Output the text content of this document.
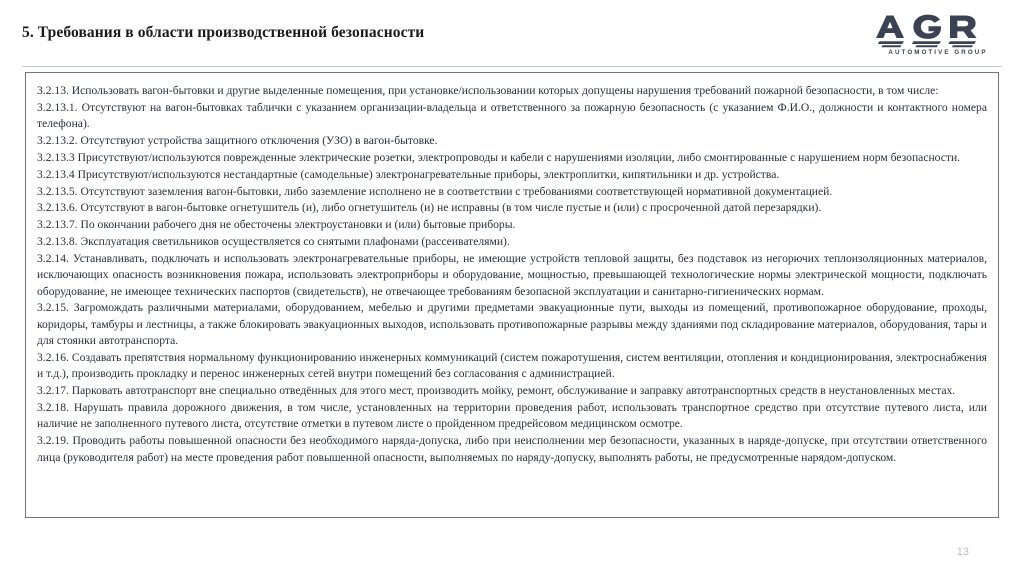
5. Требования в области производственной безопасности
AUTOMOTIVE GROUP

3.2.13. Использовать вагон-бытовки и другие выделенные помещения, при установке/использовании которых допущены нарушения требований пожарной безопасности, в том числе:

3.2.13.1. Отсутствуют на вагон-бытовках таблички с указанием организации-владельца и ответственного за пожарную безопасность (с указанием Ф.И.О., должности и контактного номера телефона).

3.2.13.2. Отсутствуют устройства защитного отключения (УЗО) в вагон-бытовке.

3.2.13.3 Присутствуют/используются поврежденные электрические розетки, электропроводы и кабели с нарушениями изоляции, либо смонтированные с нарушением норм безопасности.

3.2.13.4 Присутствуют/используются нестандартные (самодельные) электронагревательные приборы, электроплитки, кипятильники и др. устройства.

3.2.13.5. Отсутствуют заземления вагон-бытовки, либо заземление исполнено не в соответствии с требованиями соответствующей нормативной документацией.

3.2.13.6. Отсутствуют в вагон-бытовке огнетушитель (и), либо огнетушитель (и) не исправны (в том числе пустые и (или) с просроченной датой перезарядки).

3.2.13.7. По окончании рабочего дня не обесточены электроустановки и (или) бытовые приборы.

3.2.13.8. Эксплуатация светильников осуществляется со снятыми плафонами (рассеивателями).

3.2.14. Устанавливать, подключать и использовать электронагревательные приборы, не имеющие устройств тепловой защиты, без подставок из негорючих теплоизоляционных материалов, исключающих опасность возникновения пожара, использовать электроприборы и оборудование, мощностью, превышающей технологические нормы электрической мощности, подключать оборудование, не имеющее технических паспортов (свидетельств), не отвечающее требованиям безопасной эксплуатации и санитарно-гигиенических нормам.

3.2.15. Загромождать различными материалами, оборудованием, мебелью и другими предметами эвакуационные пути, выходы из помещений, противопожарное оборудование, проходы, коридоры, тамбуры и лестницы, а также блокировать эвакуационных выходов, использовать противопожарные разрывы между зданиями под складирование материалов, оборудования, тары и для стоянки автотранспорта.

3.2.16. Создавать препятствия нормальному функционированию инженерных коммуникаций (систем пожаротушения, систем вентиляции, отопления и кондиционирования, электроснабжения и т.д.), производить прокладку и перенос инженерных сетей внутри помещений без согласования с администрацией.

3.2.17. Парковать автотранспорт вне специально отведённых для этого мест, производить мойку, ремонт, обслуживание и заправку автотранспортных средств в неустановленных местах.

3.2.18. Нарушать правила дорожного движения, в том числе, установленных на территории проведения работ, использовать транспортное средство при отсутствие путевого листа, или наличие не заполненного путевого листа, отсутствие отметки в путевом листе о пройденном предрейсовом медицинском осмотре.

3.2.19. Проводить работы повышенной опасности без необходимого наряда-допуска, либо при неисполнении мер безопасности, указанных в наряде-допуске, при отсутствии ответственного лица (руководителя работ) на месте проведения работ повышенной опасности, выполняемых по наряду-допуску, выполнять работы, не предусмотренные нарядом-допуском.

13
